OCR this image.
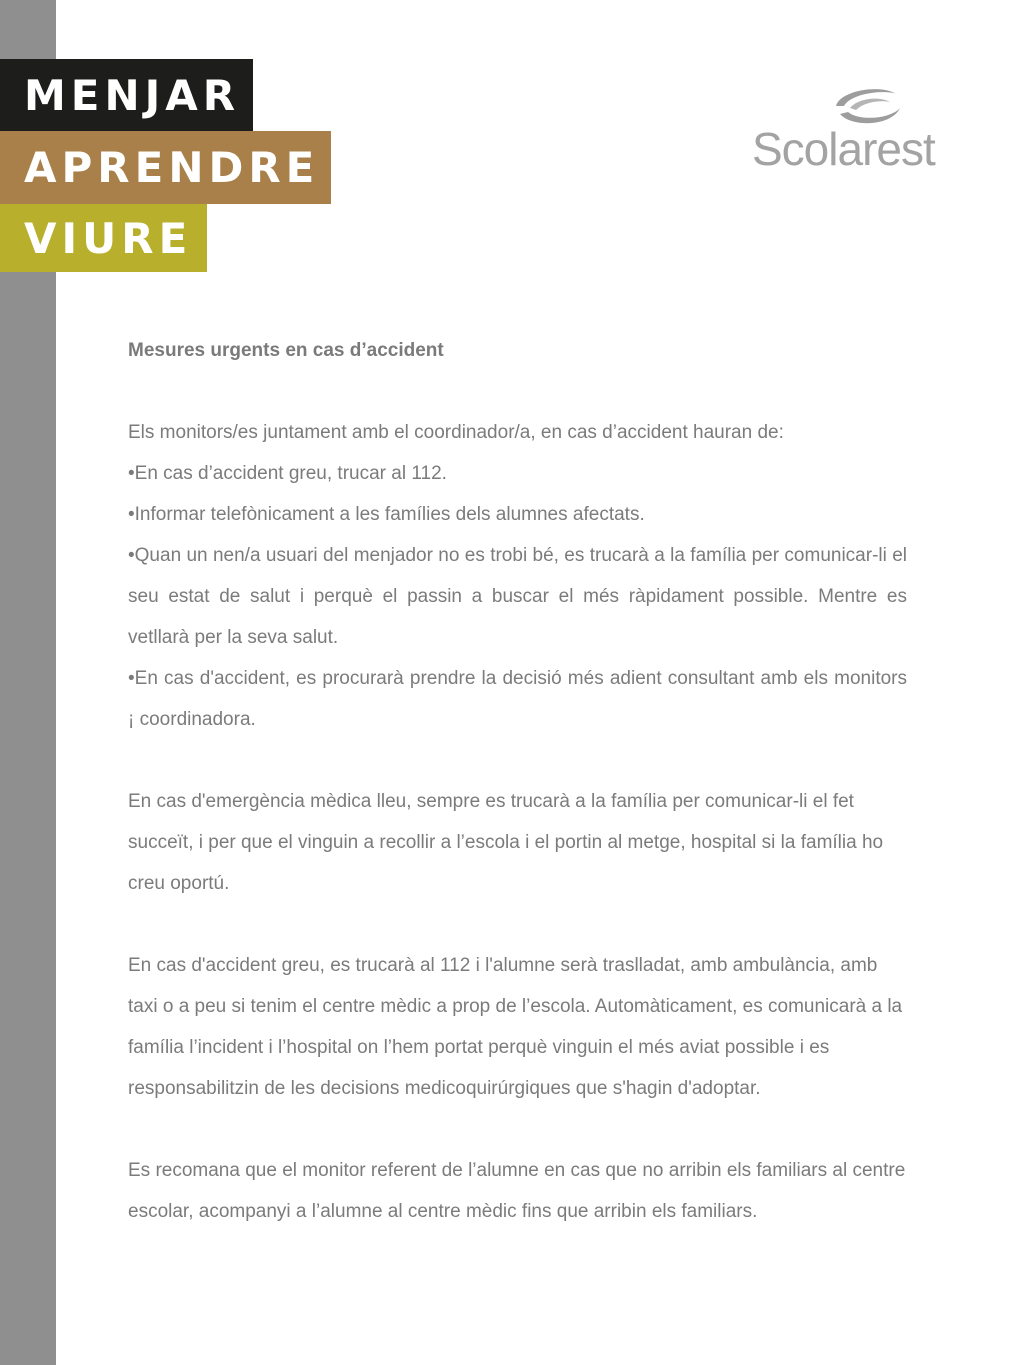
MENJAR
APRENDRE
VIURE
Scolarest

Mesures urgents en cas d’accident

Els monitors/es juntament amb el coordinador/a, en cas d’accident hauran de:

•En cas d’accident greu, trucar al 112.

•Informar telefònicament a les famílies dels alumnes afectats.

•Quan un nen/a usuari del menjador no es trobi bé, es trucarà a la família per comunicar-li el seu estat de salut i perquè el passin a buscar el més ràpidament possible. Mentre es vetllarà per la seva salut.

•En cas d'accident, es procurarà prendre la decisió més adient consultant amb els monitors ¡ coordinadora.

En cas d'emergència mèdica lleu, sempre es trucarà a la família per comunicar-li el fet succeït, i per que el vinguin a recollir a l’escola i el portin al metge, hospital si la família ho creu oportú.

En cas d'accident greu, es trucarà al 112 i l'alumne serà traslladat, amb ambulància, amb taxi o a peu si tenim el centre mèdic a prop de l’escola. Automàticament, es comunicarà a la família l’incident i l’hospital on l’hem portat perquè vinguin el més aviat possible i es responsabilitzin de les decisions medicoquirúrgiques que s'hagin d'adoptar.

Es recomana que el monitor referent de l’alumne en cas que no arribin els familiars al centre escolar, acompanyi a l’alumne al centre mèdic fins que arribin els familiars.
